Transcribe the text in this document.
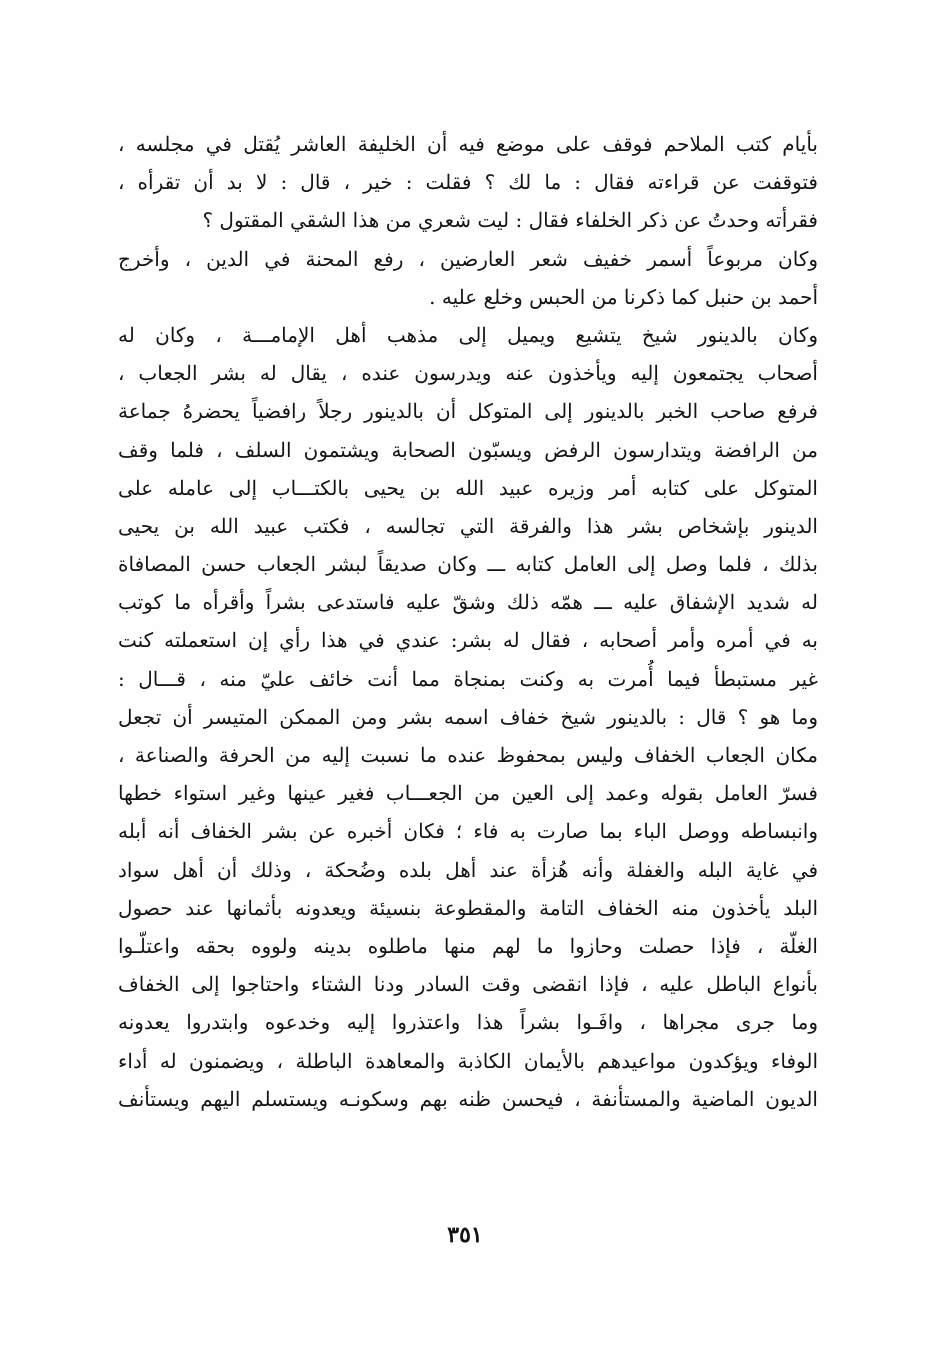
بأيام كتب الملاحم فوقف على موضع فيه أن الخليفة العاشر يُقتل في مجلسه ،
فتوقفت عن قراءته فقال : ما لك ؟ فقلت : خير ، قال : لا بد أن تقرأه ،
فقرأته وحدتُ عن ذكر الخلفاء فقال : ليت شعري من هذا الشقي المقتول ؟
وكان مربوعاً أسمر خفيف شعر العارضين ، رفع المحنة في الدين ، وأخرج
أحمد بن حنبل كما ذكرنا من الحبس وخلع عليه .
وكان بالدينور شيخ يتشيع ويميل إلى مذهب أهل الإمامـــة ، وكان له
أصحاب يجتمعون إليه ويأخذون عنه ويدرسون عنده ، يقال له بشر الجعاب ،
فرفع صاحب الخبر بالدينور إلى المتوكل أن بالدينور رجلاً رافضياً يحضرهُ جماعة
من الرافضة ويتدارسون الرفض ويسبّون الصحابة ويشتمون السلف ، فلما وقف
المتوكل على كتابه أمر وزيره عبيد الله بن يحيى بالكتـــاب إلى عامله على
الدينور بإشخاص بشر هذا والفرقة التي تجالسه ، فكتب عبيد الله بن يحيى
بذلك ، فلما وصل إلى العامل كتابه ـــ وكان صديقاً لبشر الجعاب حسن المصافاة
له شديد الإشفاق عليه ـــ همّه ذلك وشقّ عليه فاستدعى بشراً وأقرأه ما كوتب
به في أمره وأمر أصحابه ، فقال له بشر: عندي في هذا رأي إن استعملته كنت
غير مستبطأ فيما أُمرت به وكنت بمنجاة مما أنت خائف عليّ منه ، قـــال :
وما هو ؟ قال : بالدينور شيخ خفاف اسمه بشر ومن الممكن المتيسر أن تجعل
مكان الجعاب الخفاف وليس بمحفوظ عنده ما نسبت إليه من الحرفة والصناعة ،
فسرّ العامل بقوله وعمد إلى العين من الجعـــاب فغير عينها وغير استواء خطها
وانبساطه ووصل الباء بما صارت به فاء ؛ فكان أخبره عن بشر الخفاف أنه أبله
في غاية البله والغفلة وأنه هُزأة عند أهل بلده وضُحكة ، وذلك أن أهل سواد
البلد يأخذون منه الخفاف التامة والمقطوعة بنسيئة ويعدونه بأثمانها عند حصول
الغلّة ، فإذا حصلت وحازوا ما لهم منها ماطلوه بدينه ولووه بحقه واعتلّـوا
بأنواع الباطل عليه ، فإذا انقضى وقت السادر ودنا الشتاء واحتاجوا إلى الخفاف
وما جرى مجراها ، وافَـوا بشراً هذا واعتذروا إليه وخدعوه وابتدروا يعدونه
الوفاء ويؤكدون مواعيدهم بالأيمان الكاذبة والمعاهدة الباطلة ، ويضمنون له أداء
الديون الماضية والمستأنفة ، فيحسن ظنه بهم وسكونـه ويستسلم اليهم ويستأنف
٣٥١
